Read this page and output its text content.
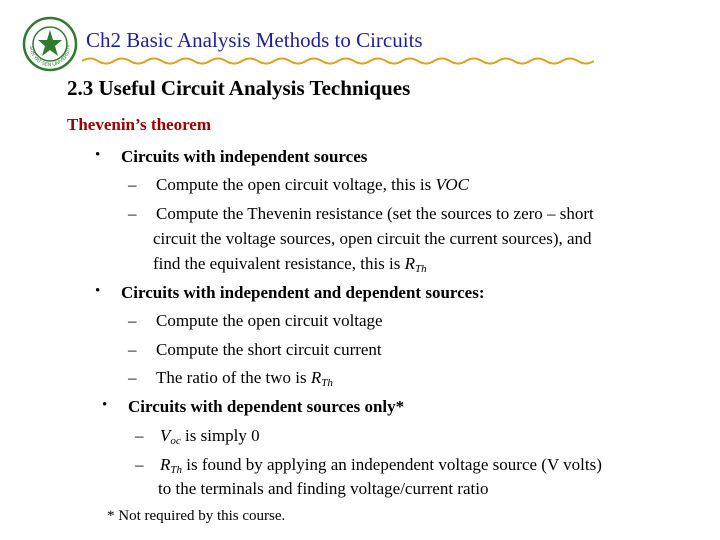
SUN YAT-SEN UNIVERSITY Ch2 Basic Analysis Methods to Circuits
2.3 Useful Circuit Analysis Techniques
Thevenin’s theorem
• Circuits with independent sources
– Compute the open circuit voltage, this is VOC
– Compute the Thevenin resistance (set the sources to zero – short
circuit the voltage sources, open circuit the current sources), and
find the equivalent resistance, this is $R_{Th}$
• Circuits with independent and dependent sources:
– Compute the open circuit voltage
– Compute the short circuit current
– The ratio of the two is $R_{Th}$
• Circuits with dependent sources only*
– $V_{oc}$ is simply 0
– $R_{Th}$ is found by applying an independent voltage source (V volts)
to the terminals and finding voltage/current ratio
* Not required by this course.
